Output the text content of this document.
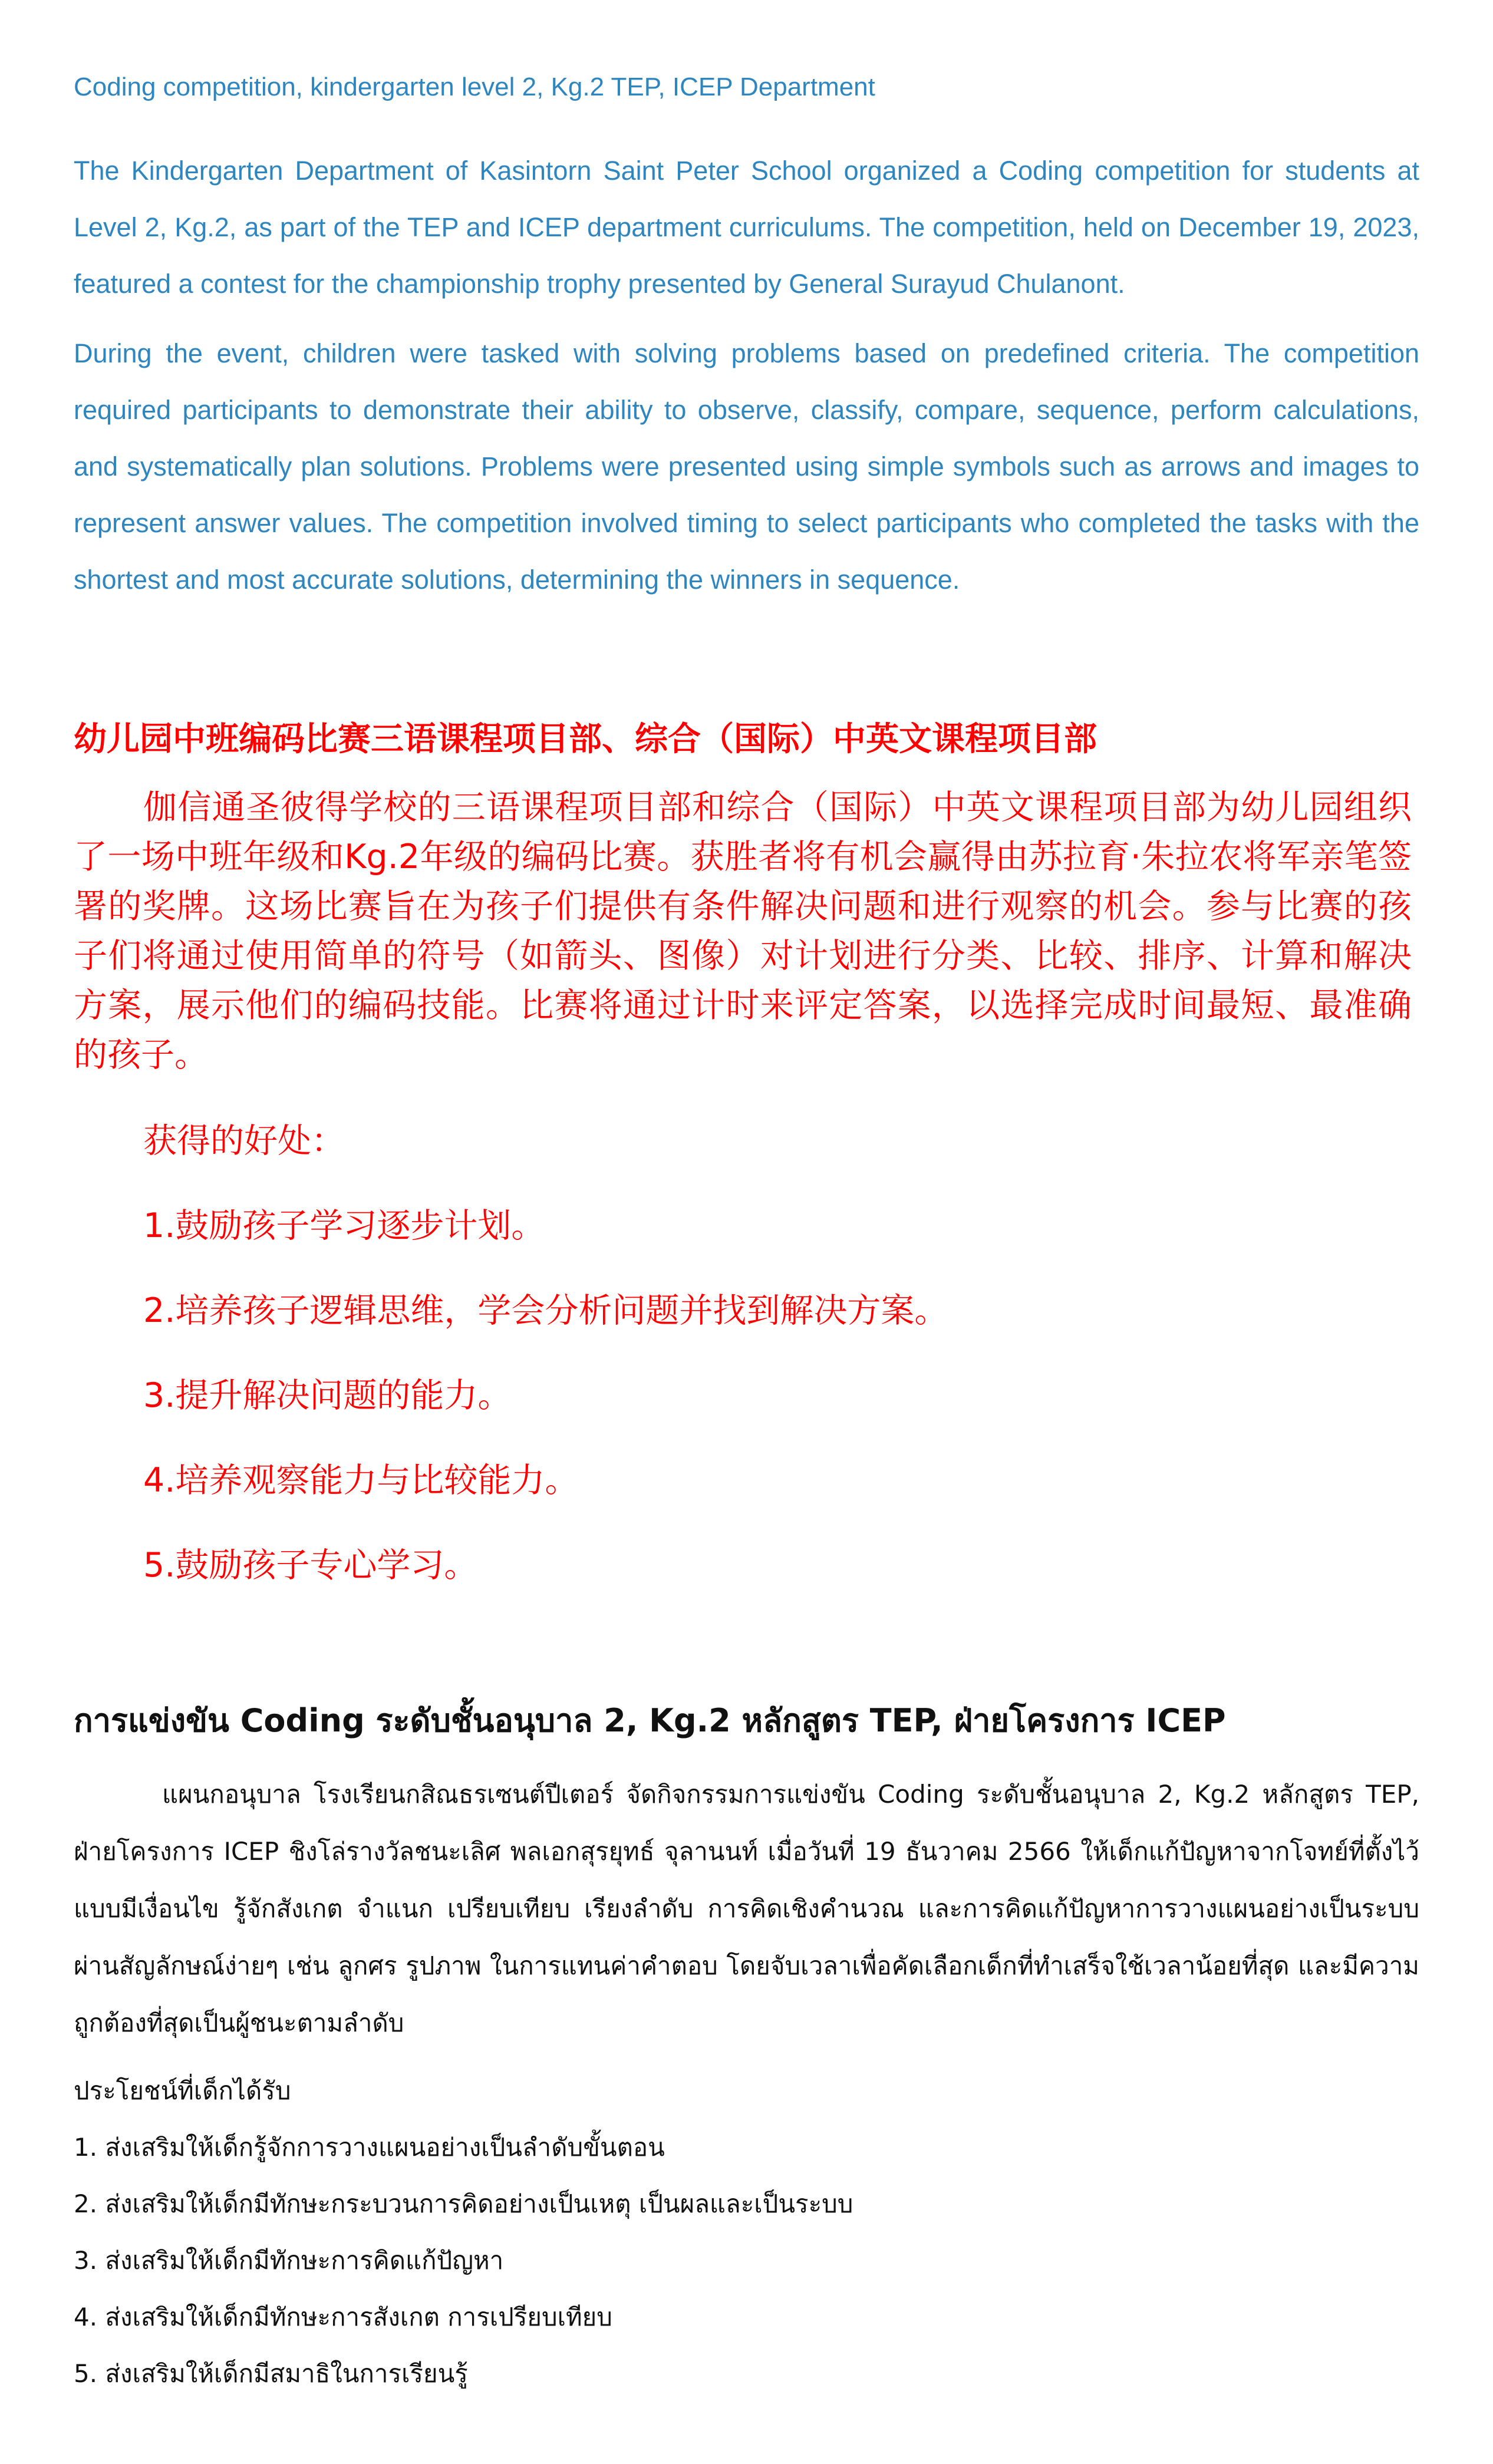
Coding competition, kindergarten level 2, Kg.2 TEP, ICEP Department
The Kindergarten Department of Kasintorn Saint Peter School organized a Coding competition for students at Level 2, Kg.2, as part of the TEP and ICEP department curriculums. The competition, held on December 19, 2023, featured a contest for the championship trophy presented by General Surayud Chulanont.
During the event, children were tasked with solving problems based on predefined criteria. The competition required participants to demonstrate their ability to observe, classify, compare, sequence, perform calculations, and systematically plan solutions. Problems were presented using simple symbols such as arrows and images to represent answer values. The competition involved timing to select participants who completed the tasks with the shortest and most accurate solutions, determining the winners in sequence.
幼儿园中班编码比赛三语课程项目部、综合（国际）中英文课程项目部
伽信通圣彼得学校的三语课程项目部和综合（国际）中英文课程项目部为幼儿园组织了一场中班年级和Kg.2年级的编码比赛。获胜者将有机会赢得由苏拉育·朱拉农将军亲笔签署的奖牌。这场比赛旨在为孩子们提供有条件解决问题和进行观察的机会。参与比赛的孩子们将通过使用简单的符号（如箭头、图像）对计划进行分类、比较、排序、计算和解决方案，展示他们的编码技能。比赛将通过计时来评定答案，以选择完成时间最短、最准确的孩子。
获得的好处：
1.鼓励孩子学习逐步计划。
2.培养孩子逻辑思维，学会分析问题并找到解决方案。
3.提升解决问题的能力。
4.培养观察能力与比较能力。
5.鼓励孩子专心学习。
การแข่งขัน Coding ระดับชั้นอนุบาล 2, Kg.2 หลักสูตร TEP, ฝ่ายโครงการ ICEP
แผนกอนุบาล โรงเรียนกสิณธรเซนต์ปีเตอร์ จัดกิจกรรมการแข่งขัน Coding ระดับชั้นอนุบาล 2, Kg.2 หลักสูตร TEP, ฝ่ายโครงการ ICEP ชิงโล่รางวัลชนะเลิศ พลเอกสุรยุทธ์ จุลานนท์ เมื่อวันที่ 19 ธันวาคม 2566 ให้เด็กแก้ปัญหาจากโจทย์ที่ตั้งไว้ แบบมีเงื่อนไข รู้จักสังเกต จำแนก เปรียบเทียบ เรียงลำดับ การคิดเชิงคำนวณ และการคิดแก้ปัญหาการวางแผนอย่างเป็นระบบ ผ่านสัญลักษณ์ง่ายๆ เช่น ลูกศร รูปภาพ ในการแทนค่าคำตอบ โดยจับเวลาเพื่อคัดเลือกเด็กที่ทำเสร็จใช้เวลาน้อยที่สุด และมีความถูกต้องที่สุดเป็นผู้ชนะตามลำดับ
ประโยชน์ที่เด็กได้รับ
1. ส่งเสริมให้เด็กรู้จักการวางแผนอย่างเป็นลำดับขั้นตอน
2. ส่งเสริมให้เด็กมีทักษะกระบวนการคิดอย่างเป็นเหตุ เป็นผลและเป็นระบบ
3. ส่งเสริมให้เด็กมีทักษะการคิดแก้ปัญหา
4. ส่งเสริมให้เด็กมีทักษะการสังเกต การเปรียบเทียบ
5. ส่งเสริมให้เด็กมีสมาธิในการเรียนรู้
